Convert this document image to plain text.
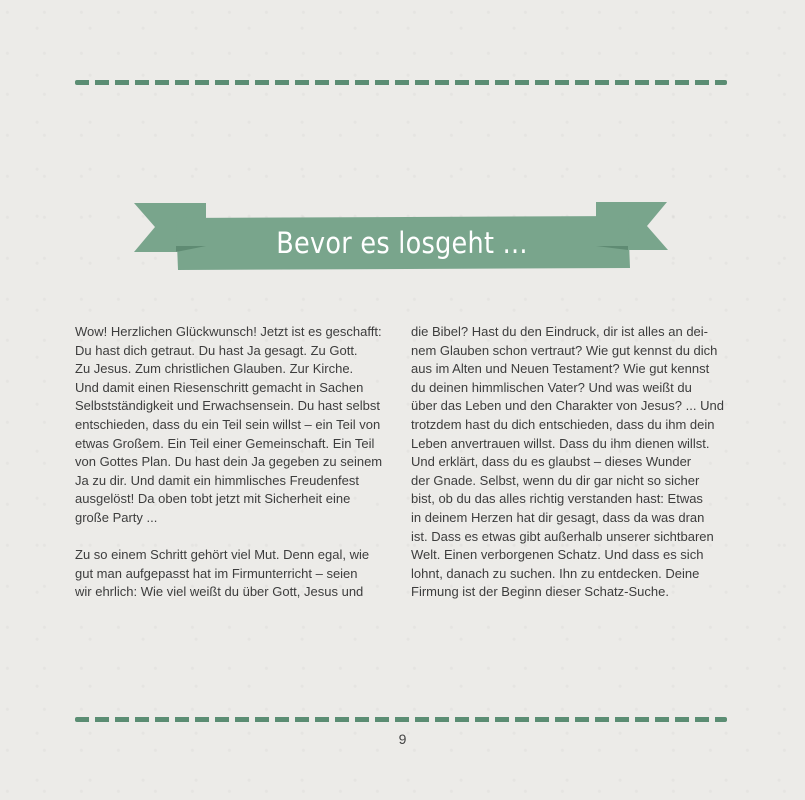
Bevor es losgeht ...
Wow! Herzlichen Glückwunsch! Jetzt ist es geschafft:
Du hast dich getraut. Du hast Ja gesagt. Zu Gott.
Zu Jesus. Zum christlichen Glauben. Zur Kirche.
Und damit einen Riesenschritt gemacht in Sachen
Selbstständigkeit und Erwachsensein. Du hast selbst
entschieden, dass du ein Teil sein willst – ein Teil von
etwas Großem. Ein Teil einer Gemeinschaft. Ein Teil
von Gottes Plan. Du hast dein Ja gegeben zu seinem
Ja zu dir. Und damit ein himmlisches Freudenfest
ausgelöst! Da oben tobt jetzt mit Sicherheit eine
große Party ...

Zu so einem Schritt gehört viel Mut. Denn egal, wie
gut man aufgepasst hat im Firmunterricht – seien
wir ehrlich: Wie viel weißt du über Gott, Jesus und
die Bibel? Hast du den Eindruck, dir ist alles an dei-
nem Glauben schon vertraut? Wie gut kennst du dich
aus im Alten und Neuen Testament? Wie gut kennst
du deinen himmlischen Vater? Und was weißt du
über das Leben und den Charakter von Jesus? ... Und
trotzdem hast du dich entschieden, dass du ihm dein
Leben anvertrauen willst. Dass du ihm dienen willst.
Und erklärt, dass du es glaubst – dieses Wunder
der Gnade. Selbst, wenn du dir gar nicht so sicher
bist, ob du das alles richtig verstanden hast: Etwas
in deinem Herzen hat dir gesagt, dass da was dran
ist. Dass es etwas gibt außerhalb unserer sichtbaren
Welt. Einen verborgenen Schatz. Und dass es sich
lohnt, danach zu suchen. Ihn zu entdecken. Deine
Firmung ist der Beginn dieser Schatz-Suche.
9
